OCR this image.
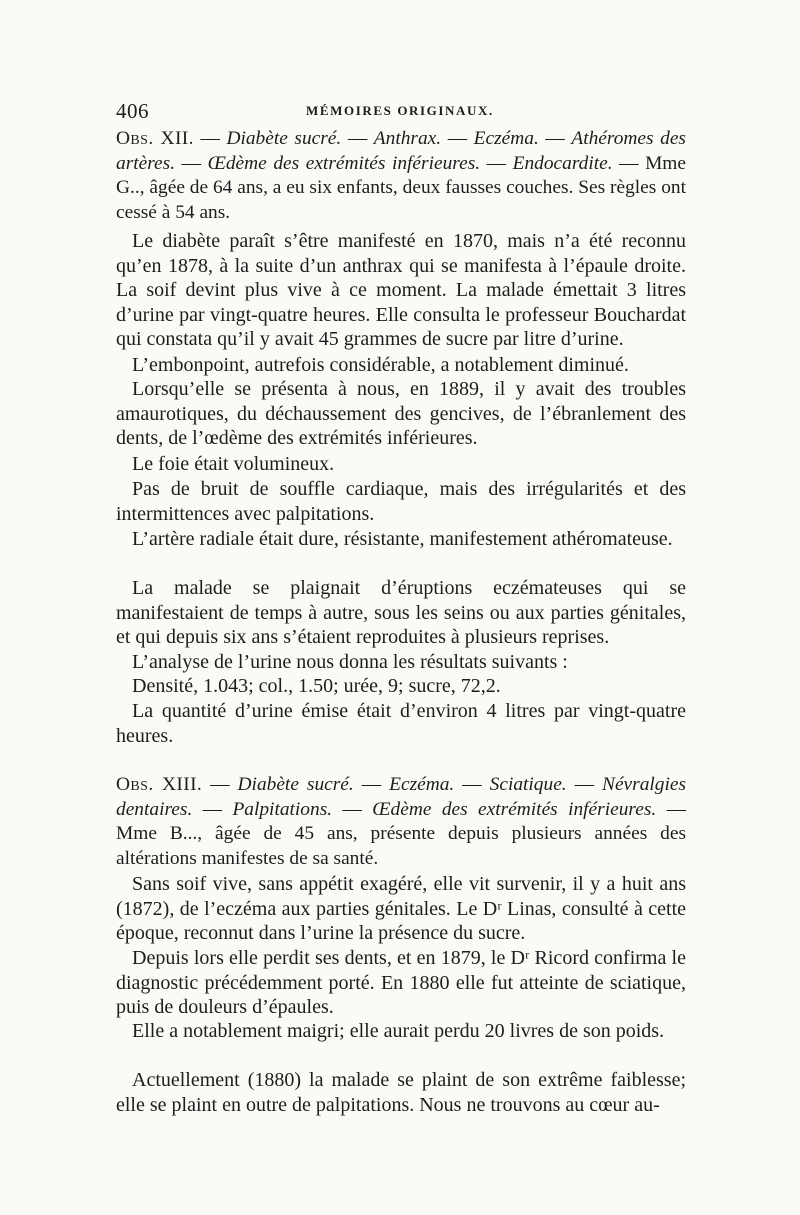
406	MÉMOIRES ORIGINAUX.

Obs. XII. — Diabète sucré. — Anthrax. — Eczéma. — Athéromes des artères. — Œdème des extrémités inférieures. — Endocardite. — Mme G.., âgée de 64 ans, a eu six enfants, deux fausses couches. Ses règles ont cessé à 54 ans.

Le diabète paraît s’être manifesté en 1870, mais n’a été reconnu qu’en 1878, à la suite d’un anthrax qui se manifesta à l’épaule droite. La soif devint plus vive à ce moment. La malade émettait 3 litres d’urine par vingt-quatre heures. Elle consulta le professeur Bouchardat qui constata qu’il y avait 45 grammes de sucre par litre d’urine.

L’embonpoint, autrefois considérable, a notablement diminué.

Lorsqu’elle se présenta à nous, en 1889, il y avait des troubles amaurotiques, du déchaussement des gencives, de l’ébranlement des dents, de l’œdème des extrémités inférieures.

Le foie était volumineux.

Pas de bruit de souffle cardiaque, mais des irrégularités et des intermittences avec palpitations.

L’artère radiale était dure, résistante, manifestement athéromateuse.

La malade se plaignait d’éruptions eczémateuses qui se manifestaient de temps à autre, sous les seins ou aux parties génitales, et qui depuis six ans s’étaient reproduites à plusieurs reprises.

L’analyse de l’urine nous donna les résultats suivants :

Densité, 1.043; col., 1.50; urée, 9; sucre, 72,2.

La quantité d’urine émise était d’environ 4 litres par vingt-quatre heures.

Obs. XIII. — Diabète sucré. — Eczéma. — Sciatique. — Névralgies dentaires. — Palpitations. — Œdème des extrémités inférieures. — Mme B..., âgée de 45 ans, présente depuis plusieurs années des altérations manifestes de sa santé.

Sans soif vive, sans appétit exagéré, elle vit survenir, il y a huit ans (1872), de l’eczéma aux parties génitales. Le Dʳ Linas, consulté à cette époque, reconnut dans l’urine la présence du sucre.

Depuis lors elle perdit ses dents, et en 1879, le Dʳ Ricord confirma le diagnostic précédemment porté. En 1880 elle fut atteinte de sciatique, puis de douleurs d’épaules.

Elle a notablement maigri; elle aurait perdu 20 livres de son poids.

Actuellement (1880) la malade se plaint de son extrême faiblesse; elle se plaint en outre de palpitations. Nous ne trouvons au cœur au-
